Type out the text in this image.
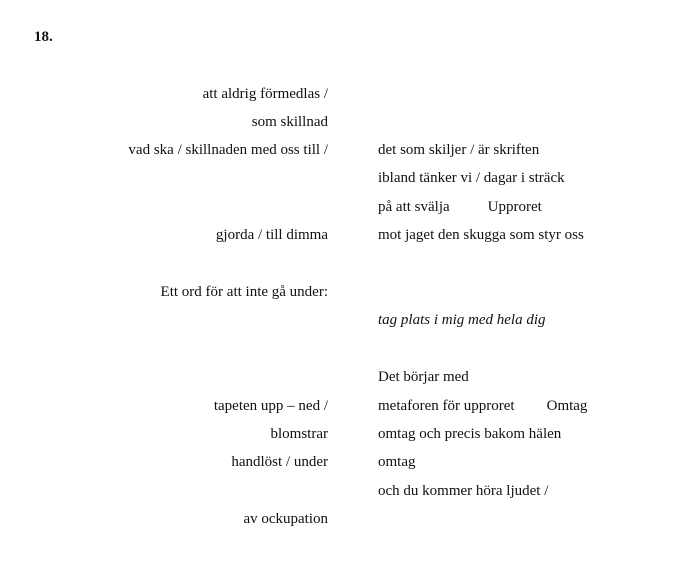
18.
att aldrig förmedlas /
som skillnad
vad ska / skillnaden med oss till /
gjorda / till dimma
Ett ord för att inte gå under:
tapeten upp – ned /
blomstrar
handlöst / under
av ockupation
det som skiljer / är skriften
ibland tänker vi / dagar i sträck
på att svälja	Upproret
mot jaget den skugga som styr oss
tag plats i mig med hela dig
Det börjar med
metaforen för upproret Omtag
omtag och precis bakom hälen
omtag
och du kommer höra ljudet /
